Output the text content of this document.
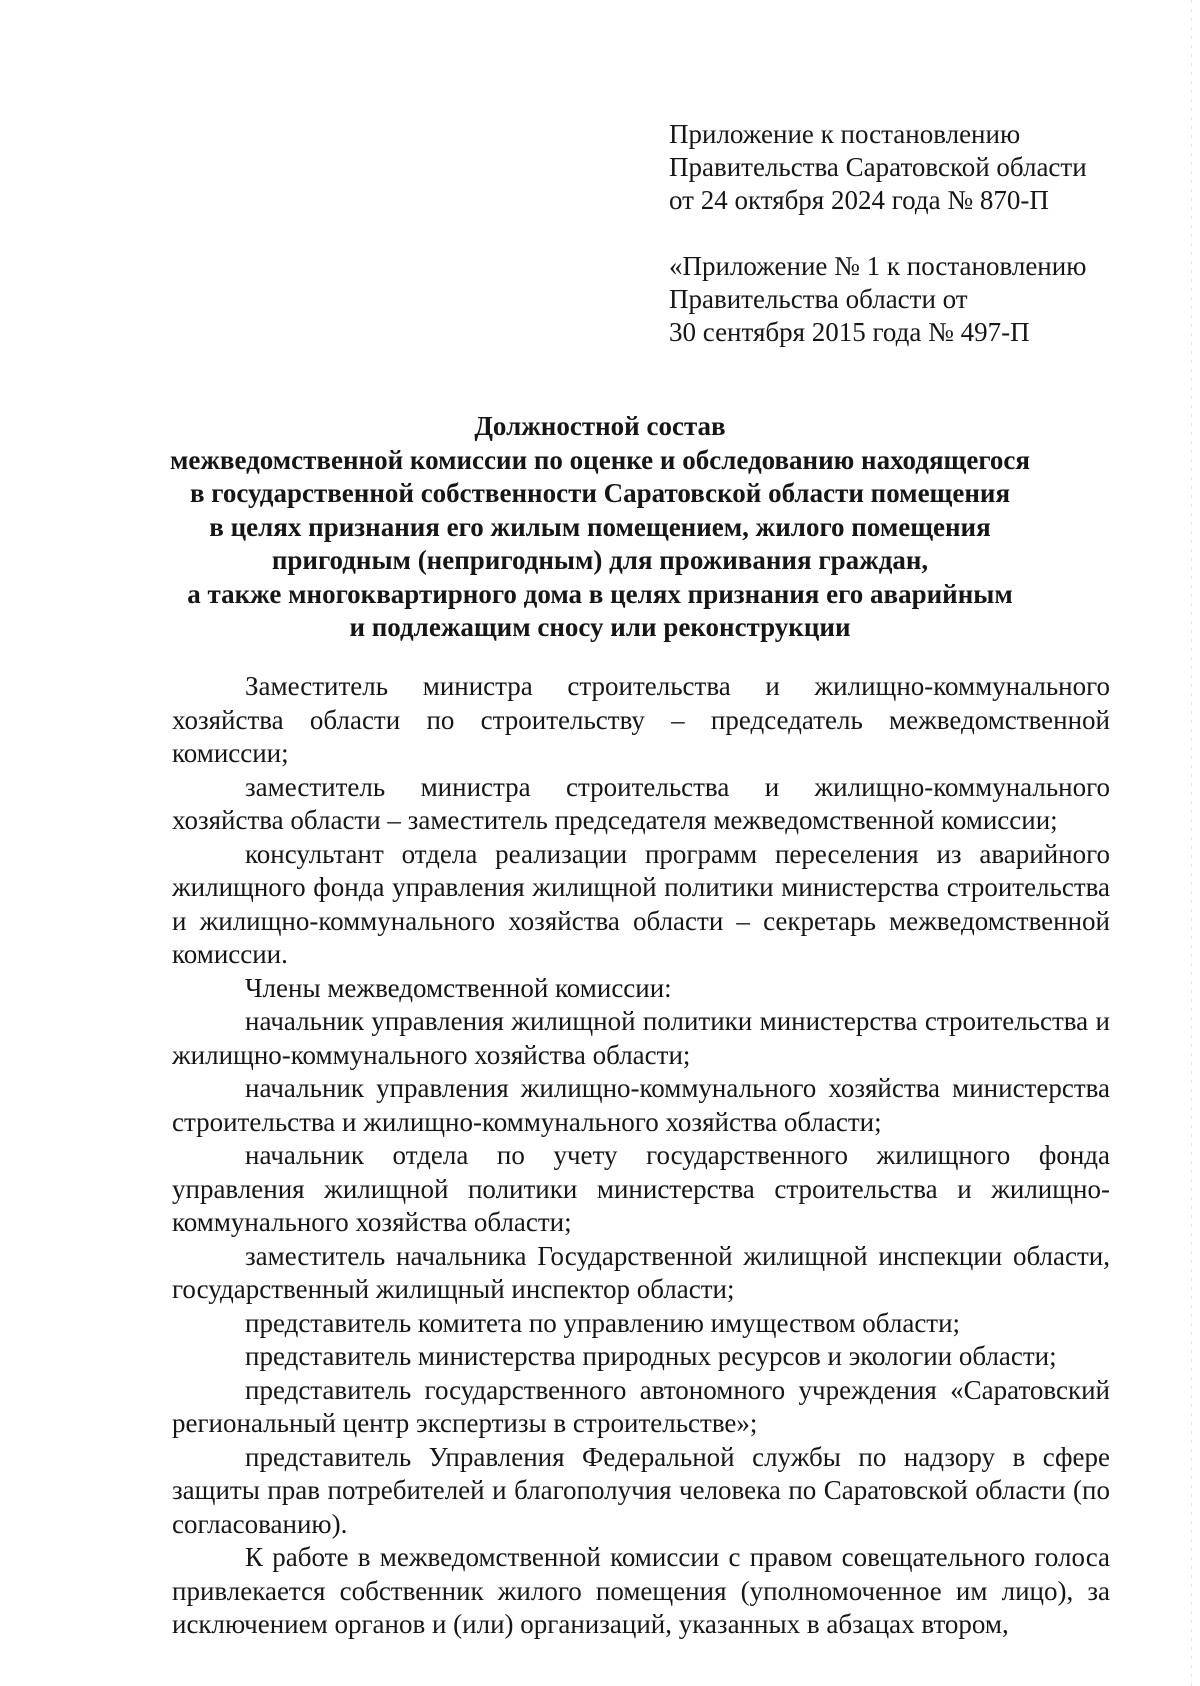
Приложение к постановлению
Правительства Саратовской области
от 24 октября 2024 года № 870-П
«Приложение № 1 к постановлению
Правительства области от
30 сентября 2015 года № 497-П
Должностной состав
межведомственной комиссии по оценке и обследованию находящегося
в государственной собственности Саратовской области помещения
в целях признания его жилым помещением, жилого помещения
пригодным (непригодным) для проживания граждан,
а также многоквартирного дома в целях признания его аварийным
и подлежащим сносу или реконструкции

Заместитель министра строительства и жилищно-коммунального хозяйства области по строительству – председатель межведомственной комиссии;

заместитель министра строительства и жилищно-коммунального хозяйства области – заместитель председателя межведомственной комиссии;

консультант отдела реализации программ переселения из аварийного жилищного фонда управления жилищной политики министерства строительства и жилищно-коммунального хозяйства области – секретарь межведомственной комиссии.

Члены межведомственной комиссии:

начальник управления жилищной политики министерства строительства и жилищно-коммунального хозяйства области;

начальник управления жилищно-коммунального хозяйства министерства строительства и жилищно-коммунального хозяйства области;

начальник отдела по учету государственного жилищного фонда управления жилищной политики министерства строительства и жилищно-коммунального хозяйства области;

заместитель начальника Государственной жилищной инспекции области, государственный жилищный инспектор области;

представитель комитета по управлению имуществом области;

представитель министерства природных ресурсов и экологии области;

представитель государственного автономного учреждения «Саратовский региональный центр экспертизы в строительстве»;

представитель Управления Федеральной службы по надзору в сфере защиты прав потребителей и благополучия человека по Саратовской области (по согласованию).

К работе в межведомственной комиссии с правом совещательного голоса привлекается собственник жилого помещения (уполномоченное им лицо), за исключением органов и (или) организаций, указанных в абзацах втором,
